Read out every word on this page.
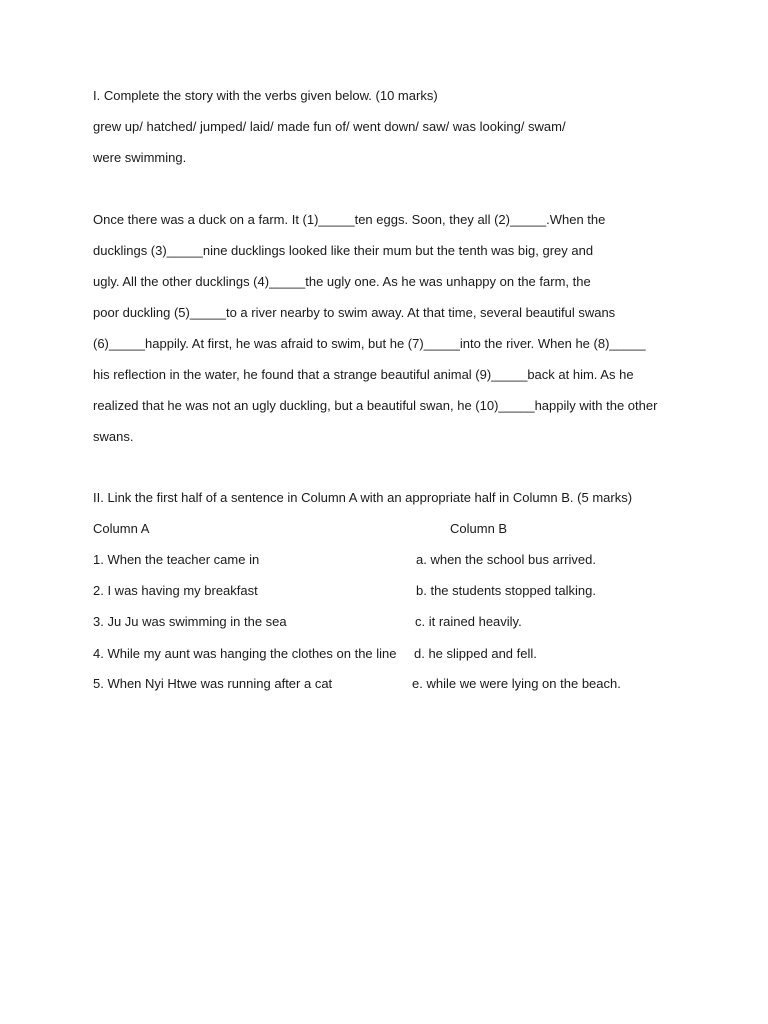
I. Complete the story with the verbs given below. (10 marks)
grew up/ hatched/ jumped/ laid/ made fun of/ went down/ saw/ was looking/ swam/
were swimming.
Once there was a duck on a farm. It (1)_____ten eggs. Soon, they all (2)_____.When the
ducklings (3)_____nine ducklings looked like their mum but the tenth was big, grey and
ugly. All the other ducklings (4)_____the ugly one. As he was unhappy on the farm, the
poor duckling (5)_____to a river nearby to swim away. At that time, several beautiful swans
(6)_____happily. At first, he was afraid to swim, but he (7)_____into the river. When he (8)_____
his reflection in the water, he found that a strange beautiful animal (9)_____back at him. As he
realized that he was not an ugly duckling, but a beautiful swan, he (10)_____happily with the other
swans.
II. Link the first half of a sentence in Column A with an appropriate half in Column B. (5 marks)
Column A	Column B
1. When the teacher came in	a. when the school bus arrived.
2. I was having my breakfast	b. the students stopped talking.
3. Ju Ju was swimming in the sea	c. it rained heavily.
4. While my aunt was hanging the clothes on the line d. he slipped and fell.
5. When Nyi Htwe was running after a cat	e. while we were lying on the beach.
